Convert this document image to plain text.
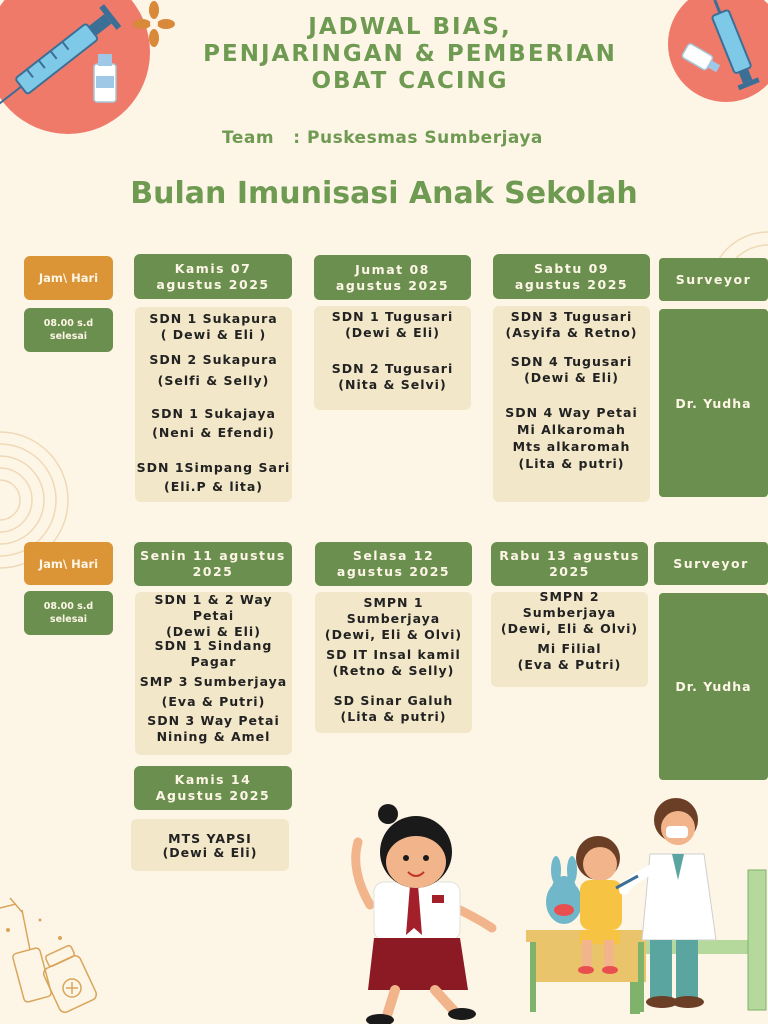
JADWAL BIAS,
PENJARINGAN & PEMBERIAN
OBAT CACING
Team   : Puskesmas Sumberjaya
Bulan Imunisasi Anak Sekolah
Jam\ Hari
08.00 s.d
selesai
Kamis 07
agustus 2025
SDN 1 Sukapura
( Dewi & Eli )
SDN 2 Sukapura
(Selfi & Selly)
SDN 1 Sukajaya
(Neni & Efendi)
SDN 1Simpang Sari
(Eli.P & lita)
Jumat 08
agustus 2025
SDN 1 Tugusari
(Dewi & Eli)
SDN 2 Tugusari
(Nita & Selvi)
Sabtu 09
agustus 2025
SDN 3 Tugusari
(Asyifa & Retno)
SDN 4 Tugusari
(Dewi & Eli)
SDN 4 Way Petai
Mi Alkaromah
Mts alkaromah
(Lita & putri)
Surveyor
Dr. Yudha
Jam\ Hari
08.00 s.d
selesai
Senin 11 agustus
2025
SDN 1 & 2 Way Petai
(Dewi & Eli)
SDN 1 Sindang Pagar
SMP 3 Sumberjaya
(Eva & Putri)
SDN 3 Way Petai
Nining & Amel
Selasa 12
agustus 2025
SMPN 1 Sumberjaya
(Dewi, Eli & Olvi)
SD IT Insal kamil
(Retno & Selly)
SD Sinar Galuh
(Lita & putri)
Rabu 13 agustus
2025
SMPN 2 Sumberjaya
(Dewi, Eli & Olvi)
Mi Filial
(Eva & Putri)
Kamis 14
Agustus 2025
MTS YAPSI
(Dewi & Eli)
Surveyor
Dr. Yudha
